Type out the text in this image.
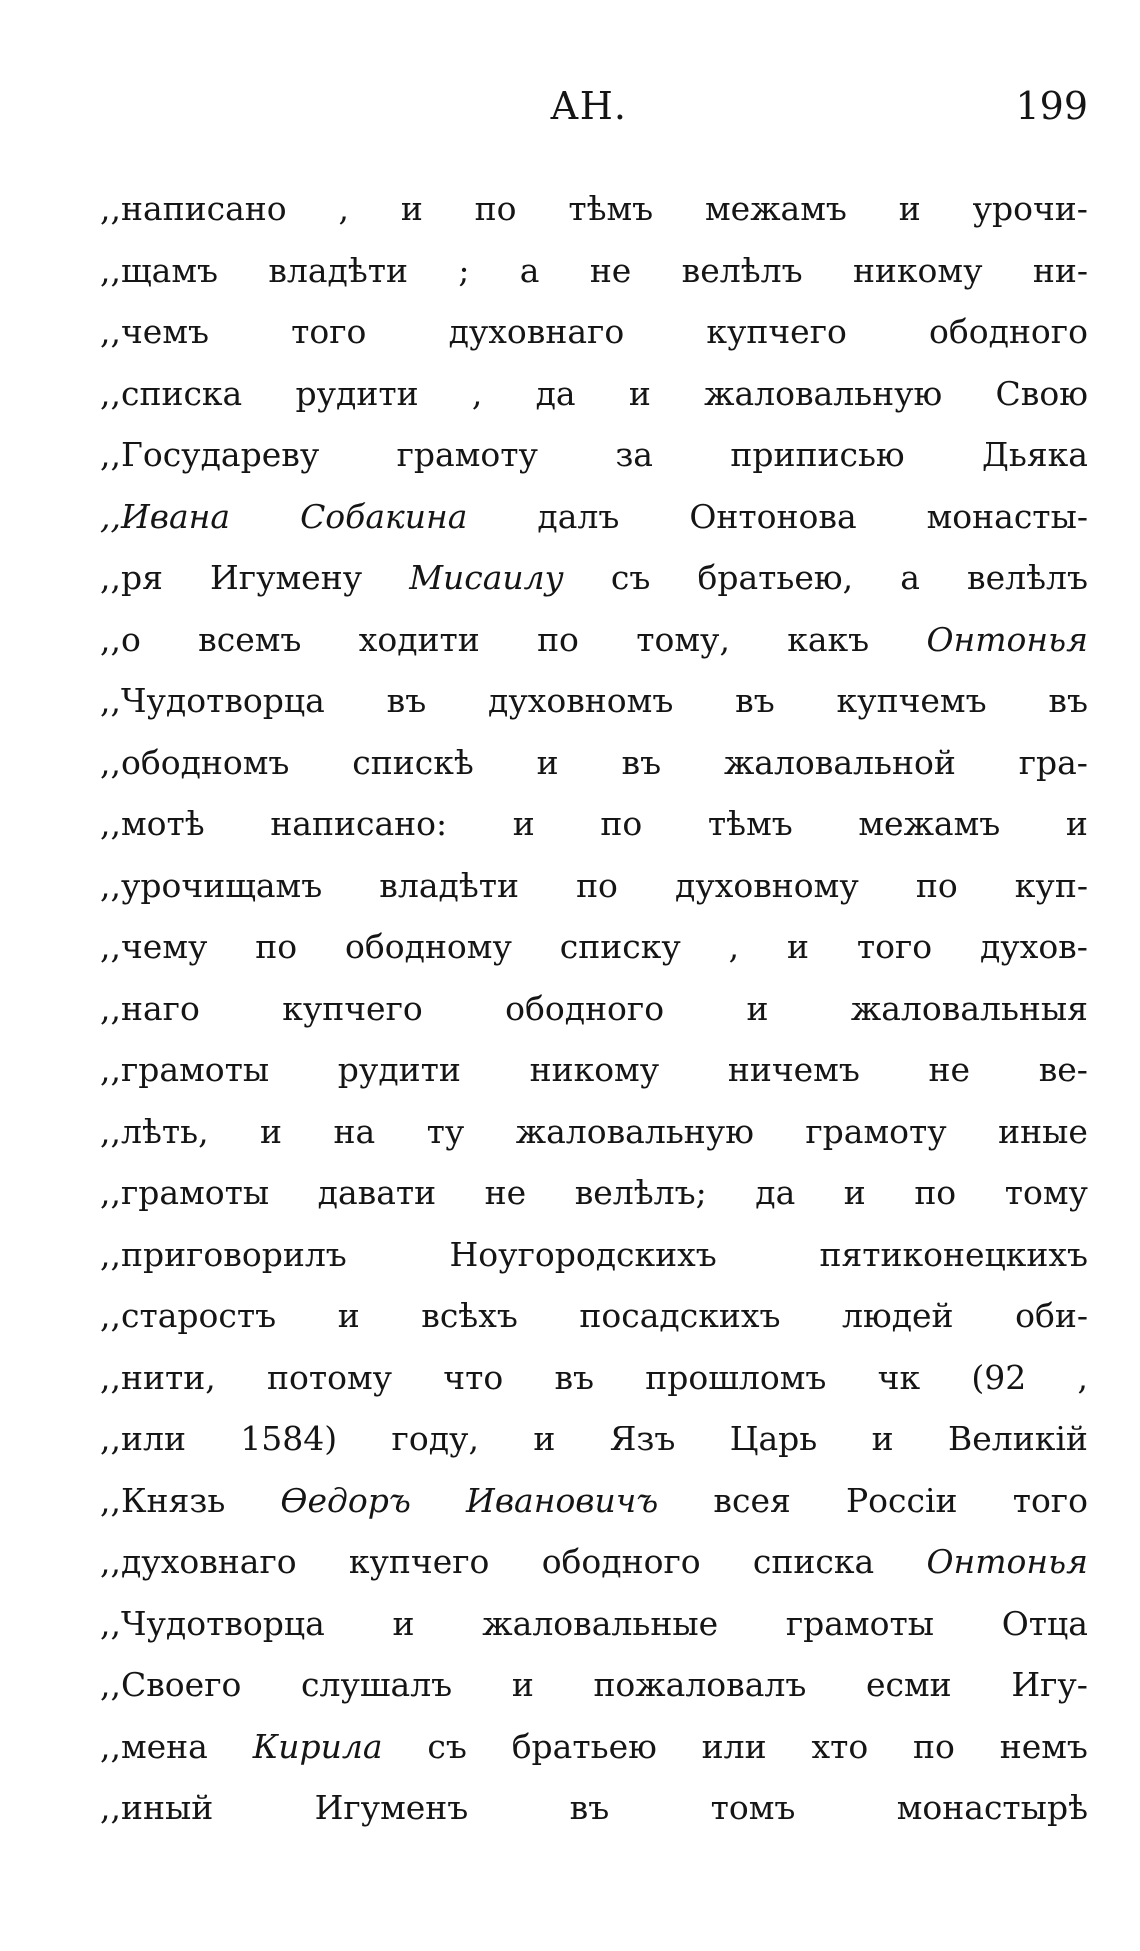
АН.	199
,,написано , и по тѣмъ межамъ и урочи-
,,щамъ владѣти ; а не велѣлъ никому ни-
,,чемъ того духовнаго купчего ободного
,,списка рудити , да и жаловальную Свою
,,Государеву грамоту за приписью Дьяка
,,Ивана Собакина далъ Онтонова монасты-
,,ря Игумену Мисаилу съ братьею, а велѣлъ
,,о всемъ ходити по тому, какъ Онтонья
,,Чудотворца въ духовномъ въ купчемъ въ
,,ободномъ спискѣ и въ жаловальной гра-
,,мотѣ написано: и по тѣмъ межамъ и
,,урочищамъ владѣти по духовному по куп-
,,чему по ободному списку , и того духов-
,,наго купчего ободного и жаловальныя
,,грамоты рудити никому ничемъ не ве-
,,лѣть, и на ту жаловальную грамоту иные
,,грамоты давати не велѣлъ; да и по тому
,,приговорилъ	Ноугородскихъ	пятиконецкихъ
,,старостъ и всѣхъ посадскихъ людей оби-
,,нити, потому что въ прошломъ чк (92 ,
,,или 1584) году, и Язъ Царь и Великій
,,Князь Ѳедоръ Ивановичъ всея Россіи того
,,духовнаго купчего ободного списка Онтонья
,,Чудотворца и жаловальные грамоты Отца
,,Своего слушалъ и пожаловалъ есми Игу-
,,мена Кирила съ братьею или хто по немъ
,,иный	Игуменъ	въ	томъ	монастырѣ
